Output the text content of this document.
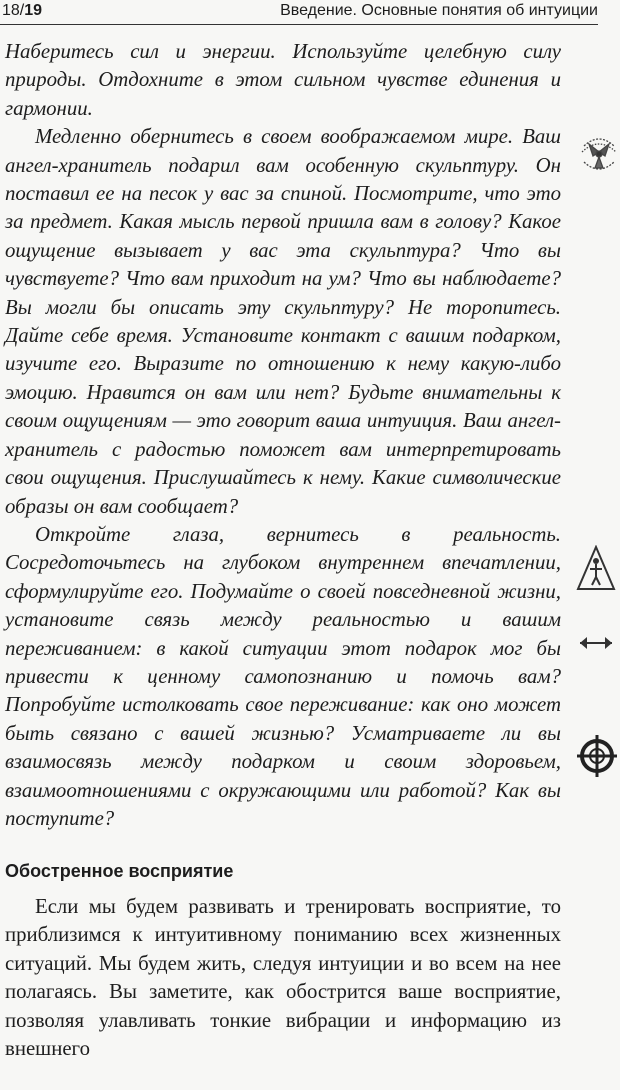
18/19	Введение. Основные понятия об интуиции

Наберитесь сил и энергии. Используйте целебную силу природы. Отдохните в этом сильном чувстве единения и гармонии.

Медленно обернитесь в своем воображаемом мире. Ваш ангел-хранитель подарил вам особенную скульптуру. Он поставил ее на песок у вас за спиной. Посмотрите, что это за предмет. Какая мысль первой пришла вам в голову? Какое ощущение вызывает у вас эта скульптура? Что вы чувствуете? Что вам приходит на ум? Что вы наблюдаете? Вы могли бы описать эту скульптуру? Не торопитесь. Дайте себе время. Установите контакт с вашим подарком, изучите его. Выразите по отношению к нему какую-либо эмоцию. Нравится он вам или нет? Будьте внимательны к своим ощущениям — это говорит ваша интуиция. Ваш ангел-хранитель с радостью поможет вам интерпретировать свои ощущения. Прислушайтесь к нему. Какие символические образы он вам сообщает?

Откройте глаза, вернитесь в реальность. Сосредоточьтесь на глубоком внутреннем впечатлении, сформулируйте его. Подумайте о своей повседневной жизни, установите связь между реальностью и вашим переживанием: в какой ситуации этот подарок мог бы привести к ценному самопознанию и помочь вам? Попробуйте истолковать свое переживание: как оно может быть связано с вашей жизнью? Усматриваете ли вы взаимосвязь между подарком и своим здоровьем, взаимоотношениями с окружающими или работой? Как вы поступите?

Обостренное восприятие

Если мы будем развивать и тренировать восприятие, то приблизимся к интуитивному пониманию всех жизненных ситуаций. Мы будем жить, следуя интуиции и во всем на нее полагаясь. Вы заметите, как обострится ваше восприятие, позволяя улавливать тонкие вибрации и информацию из внешнего
